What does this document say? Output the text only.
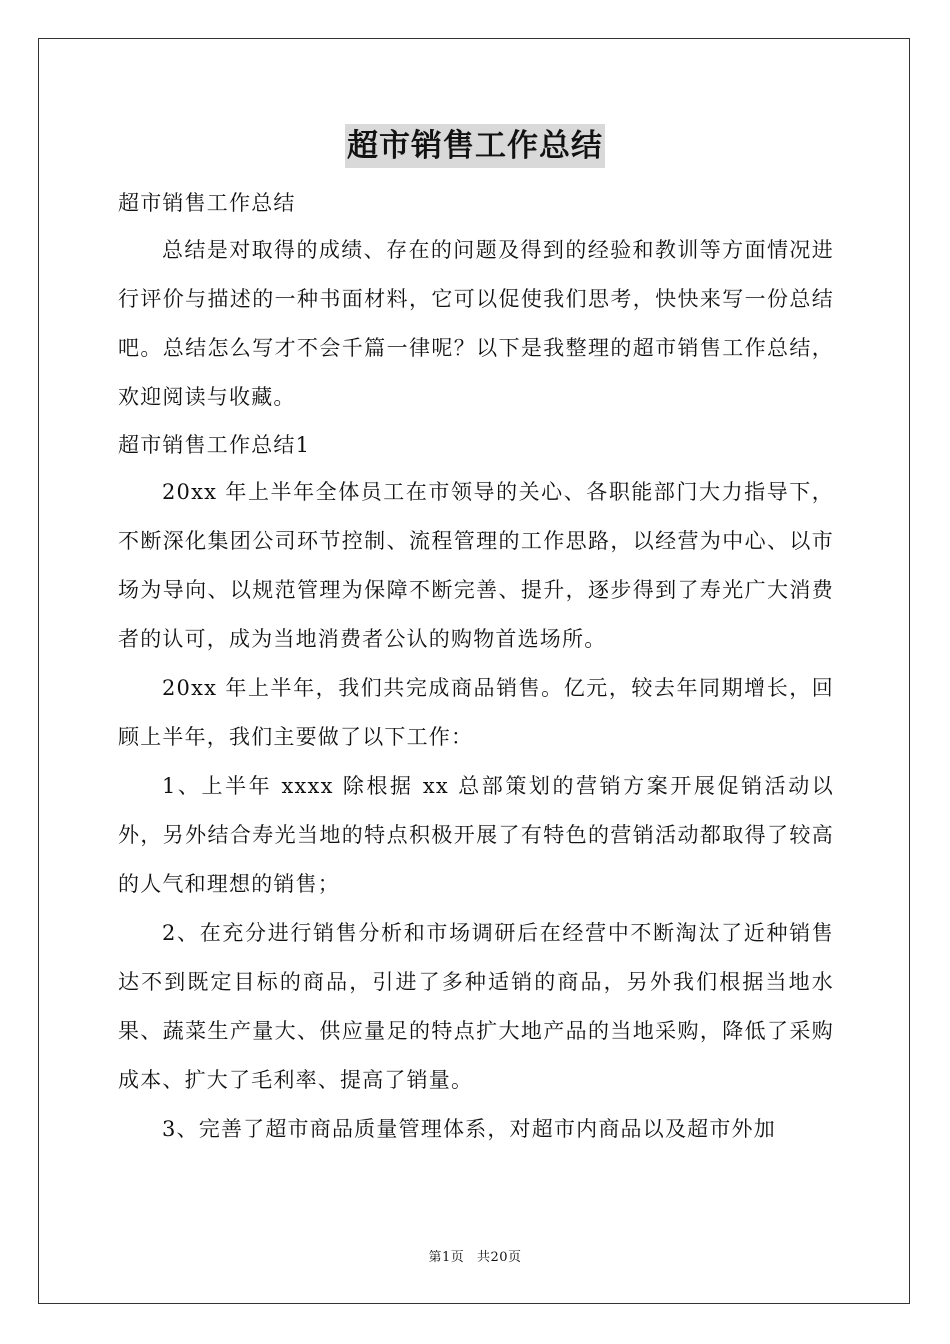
超市销售工作总结

超市销售工作总结

总结是对取得的成绩、存在的问题及得到的经验和教训等方面情况进行评价与描述的一种书面材料，它可以促使我们思考，快快来写一份总结吧。总结怎么写才不会千篇一律呢？以下是我整理的超市销售工作总结，欢迎阅读与收藏。

超市销售工作总结1

20xx 年上半年全体员工在市领导的关心、各职能部门大力指导下，不断深化集团公司环节控制、流程管理的工作思路，以经营为中心、以市场为导向、以规范管理为保障不断完善、提升，逐步得到了寿光广大消费者的认可，成为当地消费者公认的购物首选场所。

20xx 年上半年，我们共完成商品销售。亿元，较去年同期增长，回顾上半年，我们主要做了以下工作：

1、上半年 xxxx 除根据 xx 总部策划的营销方案开展促销活动以外，另外结合寿光当地的特点积极开展了有特色的营销活动都取得了较高的人气和理想的销售；

2、在充分进行销售分析和市场调研后在经营中不断淘汰了近种销售达不到既定目标的商品，引进了多种适销的商品，另外我们根据当地水果、蔬菜生产量大、供应量足的特点扩大地产品的当地采购，降低了采购成本、扩大了毛利率、提高了销量。

3、完善了超市商品质量管理体系，对超市内商品以及超市外加

第1页 共20页
